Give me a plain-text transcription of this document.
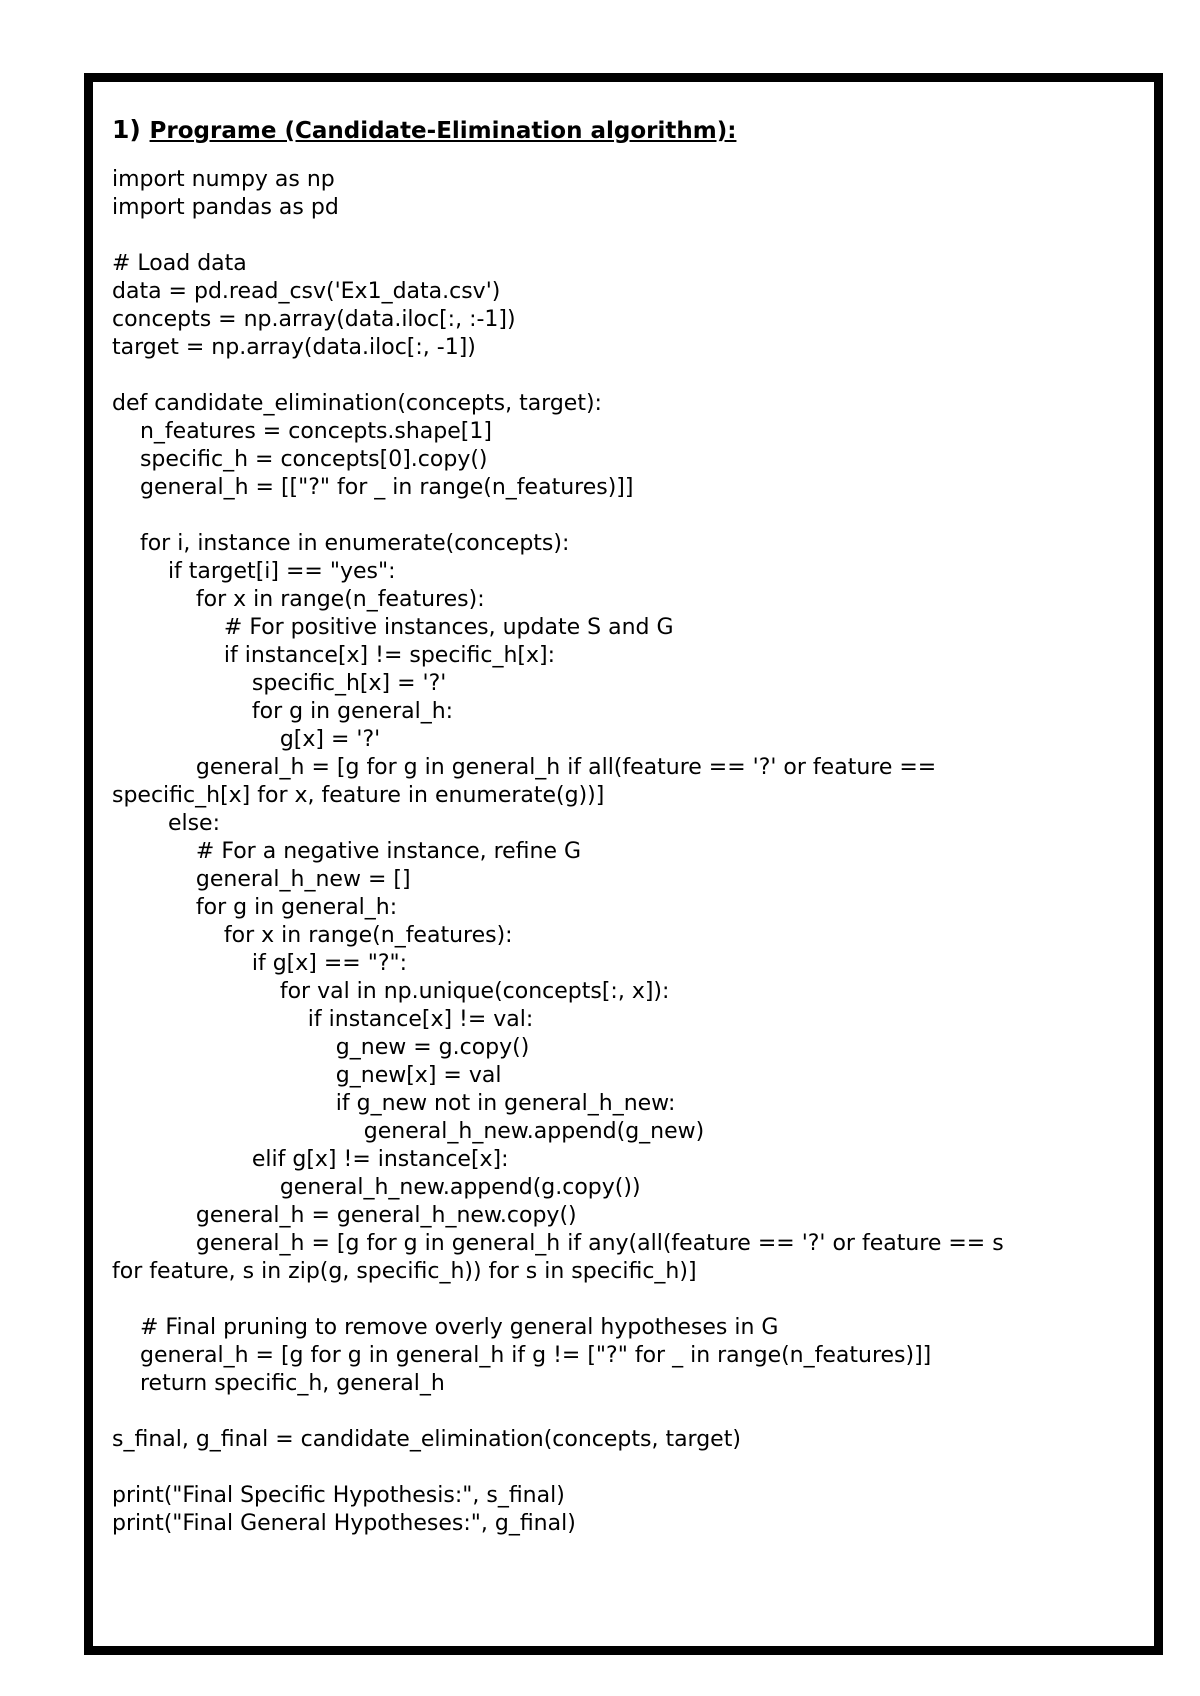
1) Programe (Candidate-Elimination algorithm):
import numpy as np
import pandas as pd
# Load data
data = pd.read_csv('Ex1_data.csv')
concepts = np.array(data.iloc[:, :-1])
target = np.array(data.iloc[:, -1])
def candidate_elimination(concepts, target):
n_features = concepts.shape[1]
specific_h = concepts[0].copy()
general_h = [["?" for _ in range(n_features)]]
for i, instance in enumerate(concepts):
if target[i] == "yes":
for x in range(n_features):
# For positive instances, update S and G
if instance[x] != specific_h[x]:
specific_h[x] = '?'
for g in general_h:
g[x] = '?'
general_h = [g for g in general_h if all(feature == '?' or feature ==
specific_h[x] for x, feature in enumerate(g))]
else:
# For a negative instance, refine G
general_h_new = []
for g in general_h:
for x in range(n_features):
if g[x] == "?":
for val in np.unique(concepts[:, x]):
if instance[x] != val:
g_new = g.copy()
g_new[x] = val
if g_new not in general_h_new:
general_h_new.append(g_new)
elif g[x] != instance[x]:
general_h_new.append(g.copy())
general_h = general_h_new.copy()
general_h = [g for g in general_h if any(all(feature == '?' or feature == s
for feature, s in zip(g, specific_h)) for s in specific_h)]
# Final pruning to remove overly general hypotheses in G
general_h = [g for g in general_h if g != ["?" for _ in range(n_features)]]
return specific_h, general_h
s_final, g_final = candidate_elimination(concepts, target)
print("Final Specific Hypothesis:", s_final)
print("Final General Hypotheses:", g_final)
